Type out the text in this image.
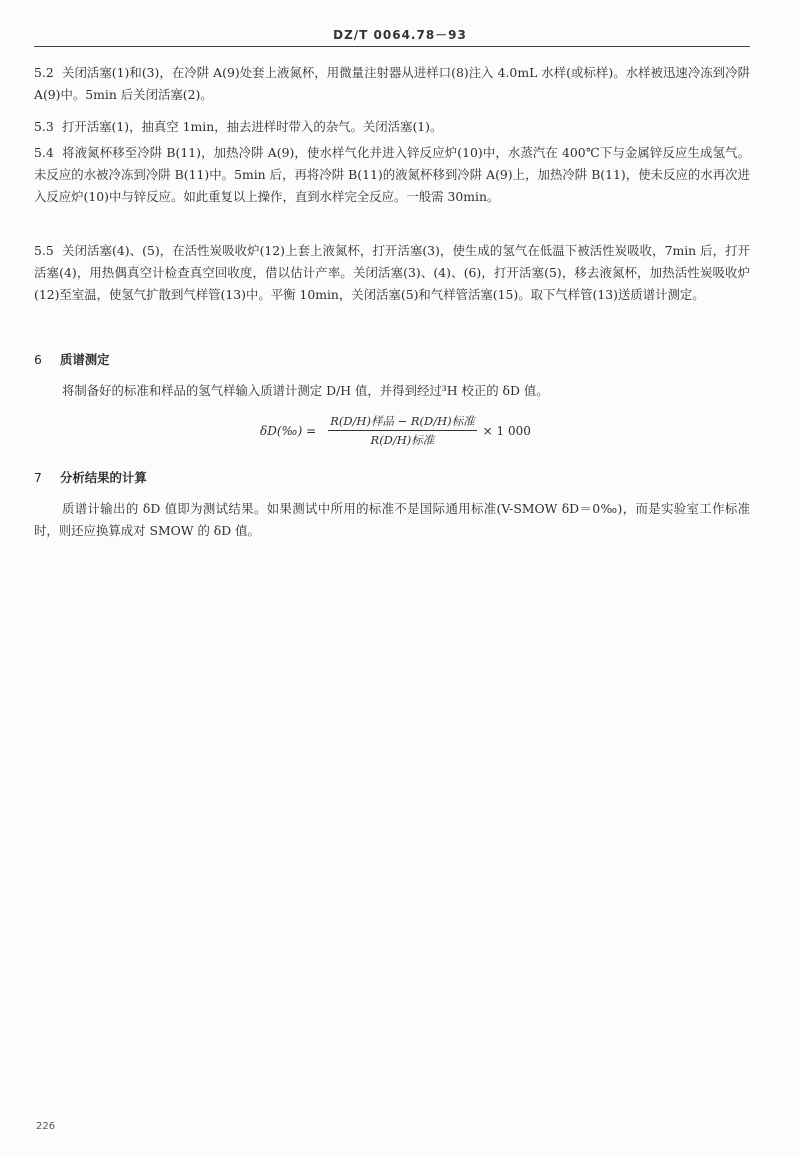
DZ/T 0064.78－93
5.2 关闭活塞(1)和(3)，在冷阱 A(9)处套上液氮杯，用微量注射器从进样口(8)注入 4.0mL 水样(或标样)。水样被迅速冷冻到冷阱 A(9)中。5min 后关闭活塞(2)。
5.3 打开活塞(1)，抽真空 1min，抽去进样时带入的杂气。关闭活塞(1)。
5.4 将液氮杯移至冷阱 B(11)，加热冷阱 A(9)，使水样气化并进入锌反应炉(10)中，水蒸汽在 400℃下与金属锌反应生成氢气。未反应的水被冷冻到冷阱 B(11)中。5min 后，再将冷阱 B(11)的液氮杯移到冷阱 A(9)上，加热冷阱 B(11)，使未反应的水再次进入反应炉(10)中与锌反应。如此重复以上操作，直到水样完全反应。一般需 30min。
5.5 关闭活塞(4)、(5)，在活性炭吸收炉(12)上套上液氮杯，打开活塞(3)，使生成的氢气在低温下被活性炭吸收，7min 后，打开活塞(4)，用热偶真空计检查真空回收度，借以估计产率。关闭活塞(3)、(4)、(6)，打开活塞(5)，移去液氮杯，加热活性炭吸收炉(12)至室温，使氢气扩散到气样管(13)中。平衡 10min，关闭活塞(5)和气样管活塞(15)。取下气样管(13)送质谱计测定。
6 质谱测定
将制备好的标准和样品的氢气样输入质谱计测定 D/H 值，并得到经过³H 校正的 δD 值。
δD(‰) = $\frac{\text{R(D/H)样品 − R(D/H)标准}}{\text{R(D/H)标准}} \times 1$ 000
7 分析结果的计算
质谱计输出的 δD 值即为测试结果。如果测试中所用的标准不是国际通用标准(V-SMOW δD＝0‰)，而是实验室工作标准时，则还应换算成对 SMOW 的 δD 值。
226
